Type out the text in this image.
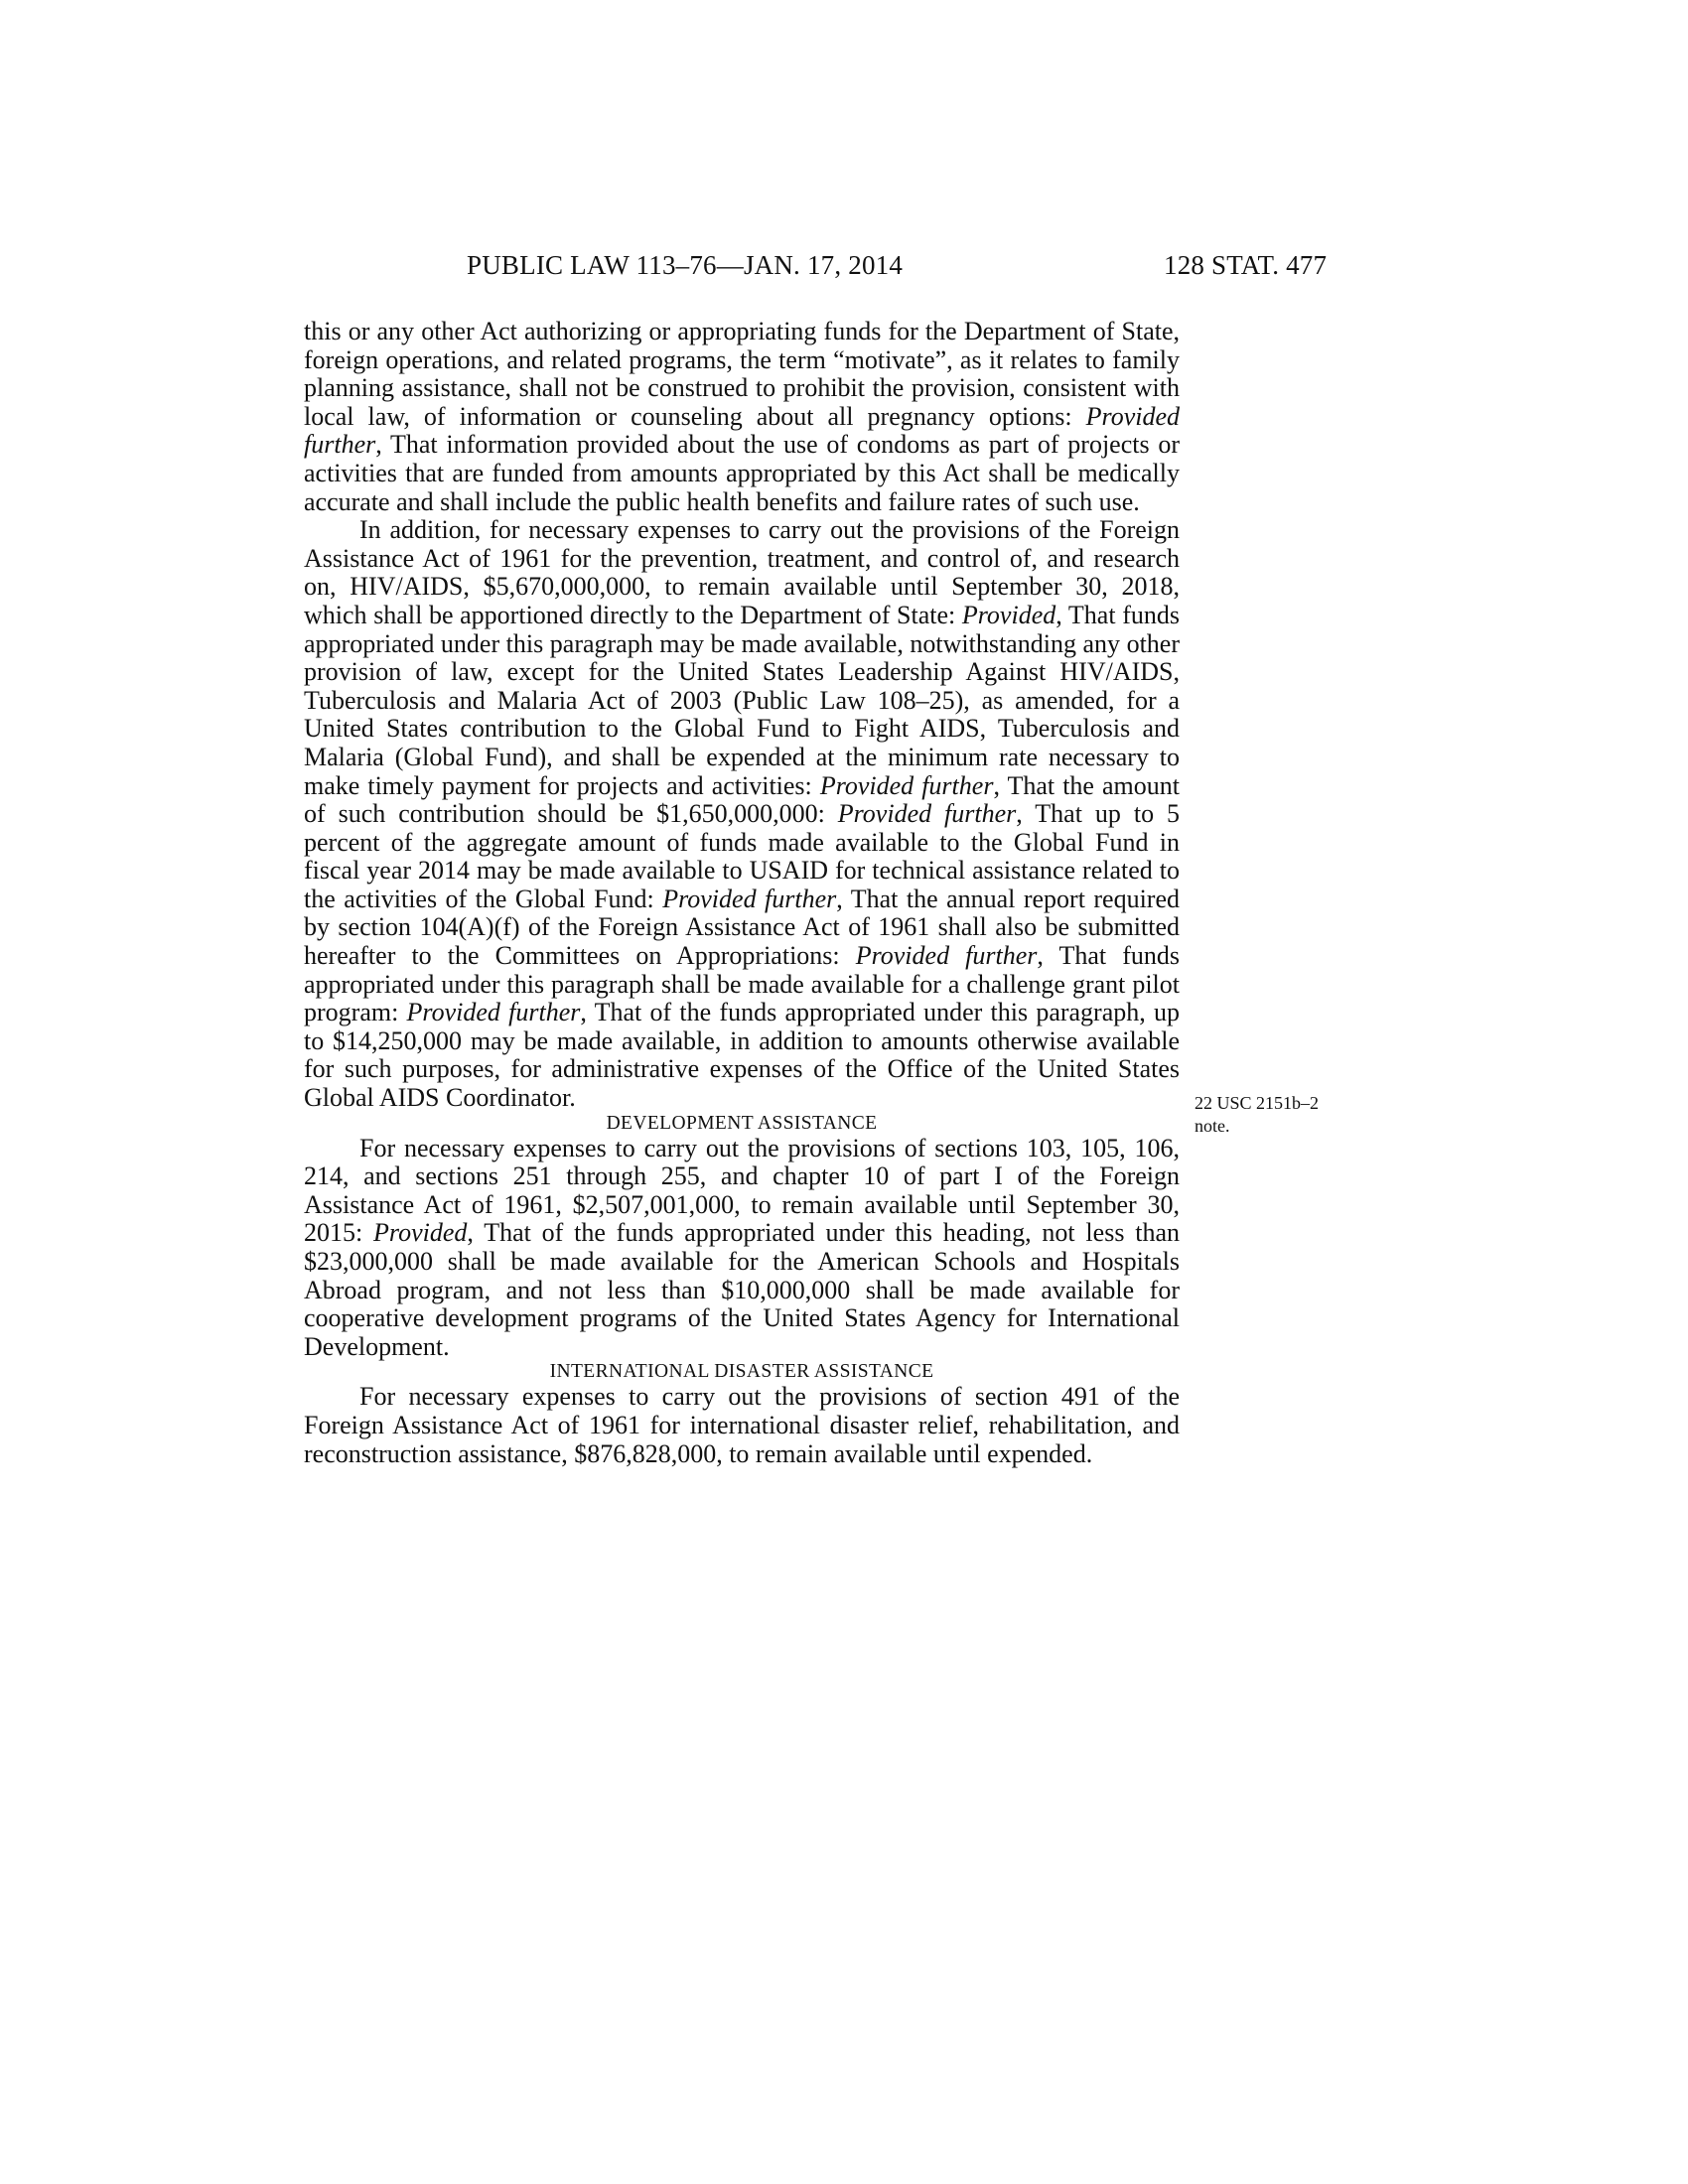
PUBLIC LAW 113–76—JAN. 17, 2014	128 STAT. 477

this or any other Act authorizing or appropriating funds for the Department of State, foreign operations, and related programs, the term “motivate”, as it relates to family planning assistance, shall not be construed to prohibit the provision, consistent with local law, of information or counseling about all pregnancy options: Provided further, That information provided about the use of condoms as part of projects or activities that are funded from amounts appropriated by this Act shall be medically accurate and shall include the public health benefits and failure rates of such use.

In addition, for necessary expenses to carry out the provisions of the Foreign Assistance Act of 1961 for the prevention, treatment, and control of, and research on, HIV/AIDS, $5,670,000,000, to remain available until September 30, 2018, which shall be apportioned directly to the Department of State: Provided, That funds appropriated under this paragraph may be made available, notwithstanding any other provision of law, except for the United States Leadership Against HIV/AIDS, Tuberculosis and Malaria Act of 2003 (Public Law 108–25), as amended, for a United States contribution to the Global Fund to Fight AIDS, Tuberculosis and Malaria (Global Fund), and shall be expended at the minimum rate necessary to make timely payment for projects and activities: Provided further, That the amount of such contribution should be $1,650,000,000: Provided further, That up to 5 percent of the aggregate amount of funds made available to the Global Fund in fiscal year 2014 may be made available to USAID for technical assistance related to the activities of the Global Fund: Provided further, That the annual report required by section 104(A)(f) of the Foreign Assistance Act of 1961 shall also be submitted hereafter to the Committees on Appropriations: Provided further, That funds appropriated under this paragraph shall be made available for a challenge grant pilot program: Provided further, That of the funds appropriated under this paragraph, up to $14,250,000 may be made available, in addition to amounts otherwise available for such purposes, for administrative expenses of the Office of the United States Global AIDS Coordinator.

DEVELOPMENT ASSISTANCE

For necessary expenses to carry out the provisions of sections 103, 105, 106, 214, and sections 251 through 255, and chapter 10 of part I of the Foreign Assistance Act of 1961, $2,507,001,000, to remain available until September 30, 2015: Provided, That of the funds appropriated under this heading, not less than $23,000,000 shall be made available for the American Schools and Hospitals Abroad program, and not less than $10,000,000 shall be made available for cooperative development programs of the United States Agency for International Development.

INTERNATIONAL DISASTER ASSISTANCE

For necessary expenses to carry out the provisions of section 491 of the Foreign Assistance Act of 1961 for international disaster relief, rehabilitation, and reconstruction assistance, $876,828,000, to remain available until expended.

22 USC 2151b–2
note.
